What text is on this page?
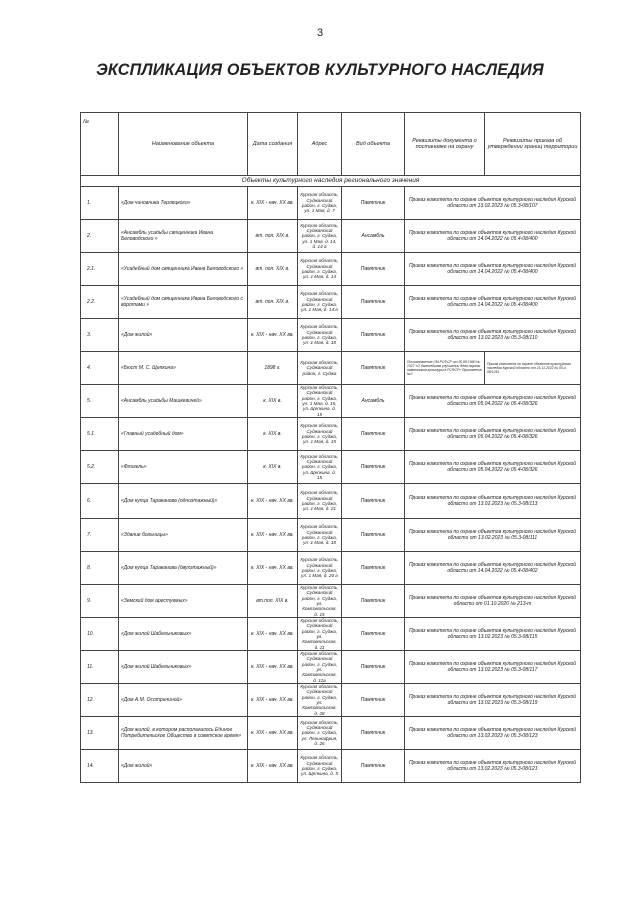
3
ЭКСПЛИКАЦИЯ ОБЪЕКТОВ КУЛЬТУРНОГО НАСЛЕДИЯ
№	Наименование объекта	Дата создания	Адрес	Вид объекта	Реквизиты документа о постановке на охрану	Реквизиты приказа об утверждении границ территории
Объекты культурного наследия регионального значения						
1.	«Дом чиновника Терлецкого»	к. XIX - нач. XX вв.	Курская область, Суджанский район, г. Суджа, ул. 1 Мая, д. 7	Памятник	Приказ комитета по охране объектов культурного наследия Курской области от 13.02.2023 № 05.3-08/107	
2.	«Ансамбль усадьбы священника Ивана Беловодского »	вт. пол. XIX в.	Курская область, Суджанский район, г. Суджа, ул. 1 Мая, д. 14, д. 14 а	Ансамбль	Приказ комитета по охране объектов культурного наследия Курской области от 14.04.2022 № 05.4-08/400	
2.1.	«Усадебный дом священника Ивана Беловодского »	вт. пол. XIX в.	Курская область, Суджанский район, г. Суджа, ул. 1 Мая, д. 14	Памятник	Приказ комитета по охране объектов культурного наследия Курской области от 14.04.2022 № 05.4-08/400	
2.2.	«Усадебный дом священника Ивана Беловодского с воротами »	вт. пол. XIX в.	Курская область, Суджанский район, г. Суджа, ул. 1 Мая, д. 14 а	Памятник	Приказ комитета по охране объектов культурного наследия Курской области от 14.04.2022 № 05.4-08/400	
3.	«Дом жилой»	к. XIX - нач. XX вв.	Курская область, Суджанский район, г. Суджа, ул. 1 Мая, д. 18	Памятник	Приказ комитета по охране объектов культурного наследия Курской области от 13.02.2023 № 05.3-08/110	
4.	«Бюст М. С. Щепкина»	1898 г.	Курская область, Суджанский район, г. Суджа	Памятник	Постановление СМ РСФСР от 30.08.1960 № 1327 «О дальнейшем улучшении дела охраны памятников культуры в РСФСР» Приложение №2	Приказ комитета по охране объектов культурного наследия Курской области от 21.11.2022 № 05.4-08/1251
5.	«Ансамбль усадьбы Машкевичей»	к. XIX в.	Курская область, Суджанский район, г. Суджа, ул. 1 Мая, д. 15, ул. Щепкина, д. 15	Ансамбль	Приказ комитета по охране объектов культурного наследия Курской области от 05.04.2022 № 05.4-08/326	
5.1	«Главный усадебный дом»	к. XIX в.	Курская область, Суджанский район, г. Суджа, ул. 1 Мая, д. 15	Памятник	Приказ комитета по охране объектов культурного наследия Курской области от 05.04.2022 № 05.4-08/326	
5.2.	«Флигель»	к. XIX в.	Курская область, Суджанский район, г. Суджа, ул. Щепкина, д. 15	Памятник	Приказ комитета по охране объектов культурного наследия Курской области от 05.04.2022 № 05.4-08/326	
6.	«Дом купца Тараканова (одноэтажный)»	к. XIX - нач. XX вв.	Курская область, Суджанский район, г. Суджа, ул. 1 Мая, д. 21	Памятник	Приказ комитета по охране объектов культурного наследия Курской области от 13.02.2023 № 05.3-08/113	
7.	«Здание больницы»	к. XIX - нач. XX вв.	Курская область, Суджанский район, г. Суджа, ул. 1 Мая, д. 18	Памятник	Приказ комитета по охране объектов культурного наследия Курской области от 13.02.2023 № 05.3-08/111	
8.	«Дом купца Тараканова (двухэтажный)»	к. XIX - нач. XX вв.	Курская область, Суджанский район, г. Суджа, ул. 1 Мая, д. 20 а	Памятник	Приказ комитета по охране объектов культурного наследия Курской области от 14.04.2022 № 05.4-08/402	
9.	«Земский дом арестуемых»	вт.пол. XIX в.	Курская область, Суджанский район, г. Суджа, ул. Комсомольская, д. 15	Памятник	Приказ комитета по охране объектов культурного наследия Курской области от 01.10.2020 № 213-т	
10.	«Дом жилой Шабельниковых»	к. XIX - нач. XX вв.	Курская область, Суджанский район, г. Суджа, ул. Комсомольская, д. 11	Памятник	Приказ комитета по охране объектов культурного наследия Курской области от 13.02.2023 № 05.3-08/115	
11.	«Дом жилой Шабельниковых»	к. XIX - нач. XX вв.	Курская область, Суджанский район, г. Суджа, ул. Комсомольская, д. 11а	Памятник	Приказ комитета по охране объектов культурного наследия Курской области от 13.02.2023 № 05.3-08/117	
12.	«Дом А.М. Осотрининой»	к. XIX - нач. XX вв.	Курская область, Суджанский район, г. Суджа, ул. Комсомольская, д. 28	Памятник	Приказ комитета по охране объектов культурного наследия Курской области от 13.02.2023 № 05.3-08/119	
13.	«Дом жилой, в котором располагалось Единое Потребительское Общество в советское время»	к. XIX - нач. XX вв.	Курская область, Суджанский район, г. Суджа, ул. Ленинафрия, д. 26	Памятник	Приказ комитета по охране объектов культурного наследия Курской области от 13.02.2023 № 05.3-08/123	
14.	«Дом жилой»	к. XIX - нач. XX вв.	Курская область, Суджанский район, г. Суджа, ул. Щепкина, д. 5	Памятник	Приказ комитета по охране объектов культурного наследия Курской области от 13.02.2023 № 05.3-08/121	
